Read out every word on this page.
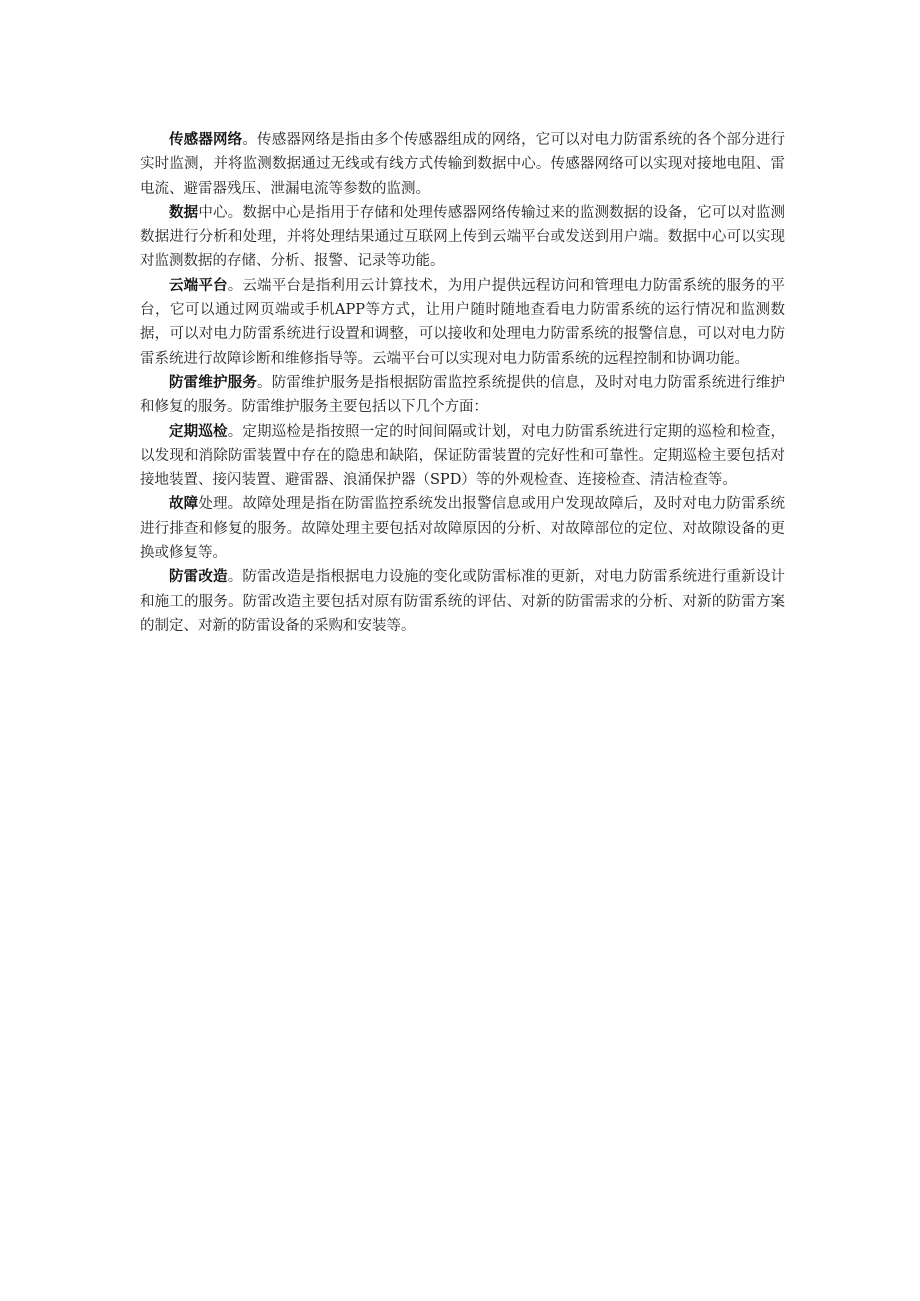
传感器网络。传感器网络是指由多个传感器组成的网络，它可以对电力防雷系统的各个部分进行实时监测，并将监测数据通过无线或有线方式传输到数据中心。传感器网络可以实现对接地电阻、雷电流、避雷器残压、泄漏电流等参数的监测。

数据中心。数据中心是指用于存储和处理传感器网络传输过来的监测数据的设备，它可以对监测数据进行分析和处理，并将处理结果通过互联网上传到云端平台或发送到用户端。数据中心可以实现对监测数据的存储、分析、报警、记录等功能。

云端平台。云端平台是指利用云计算技术，为用户提供远程访问和管理电力防雷系统的服务的平台，它可以通过网页端或手机APP等方式，让用户随时随地查看电力防雷系统的运行情况和监测数据，可以对电力防雷系统进行设置和调整，可以接收和处理电力防雷系统的报警信息，可以对电力防雷系统进行故障诊断和维修指导等。云端平台可以实现对电力防雷系统的远程控制和协调功能。

防雷维护服务。防雷维护服务是指根据防雷监控系统提供的信息，及时对电力防雷系统进行维护和修复的服务。防雷维护服务主要包括以下几个方面：

定期巡检。定期巡检是指按照一定的时间间隔或计划，对电力防雷系统进行定期的巡检和检查，以发现和消除防雷装置中存在的隐患和缺陷，保证防雷装置的完好性和可靠性。定期巡检主要包括对接地装置、接闪装置、避雷器、浪涌保护器（SPD）等的外观检查、连接检查、清洁检查等。

故障处理。故障处理是指在防雷监控系统发出报警信息或用户发现故障后，及时对电力防雷系统进行排查和修复的服务。故障处理主要包括对故障原因的分析、对故障部位的定位、对故隙设备的更换或修复等。

防雷改造。防雷改造是指根据电力设施的变化或防雷标准的更新，对电力防雷系统进行重新设计和施工的服务。防雷改造主要包括对原有防雷系统的评估、对新的防雷需求的分析、对新的防雷方案的制定、对新的防雷设备的采购和安装等。
